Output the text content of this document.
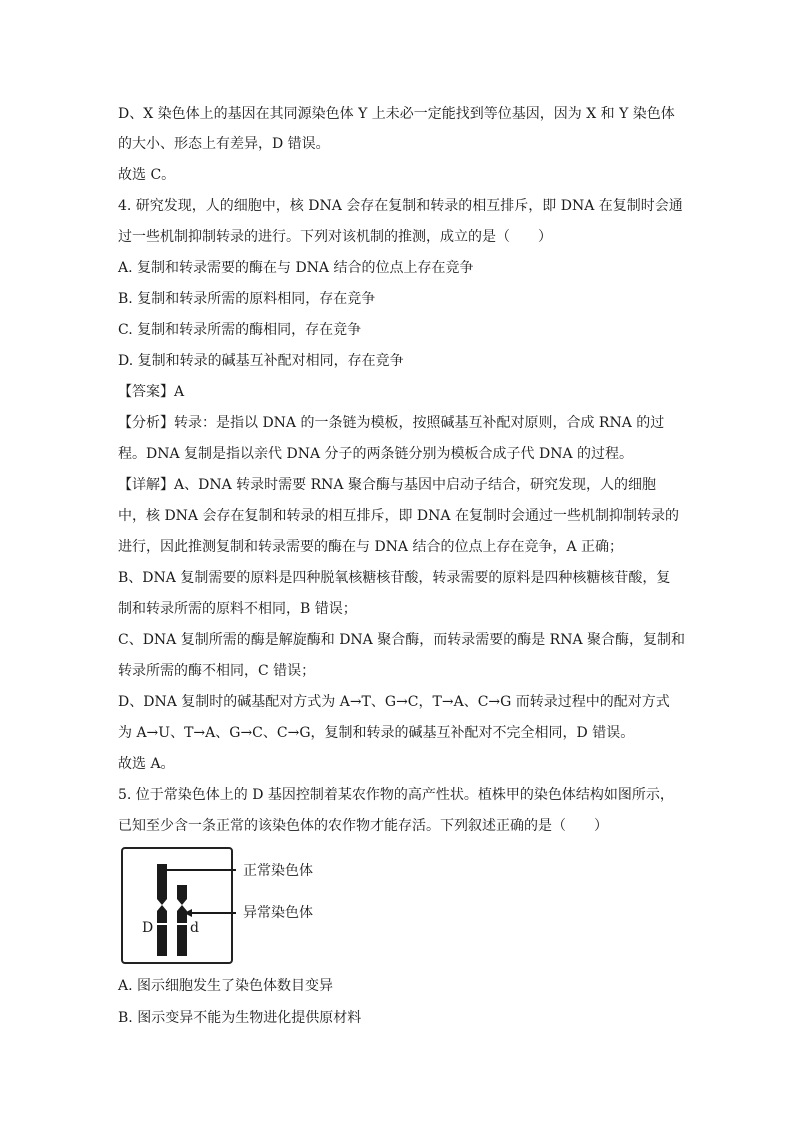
D、X 染色体上的基因在其同源染色体 Y 上未必一定能找到等位基因，因为 X 和 Y 染色体
的大小、形态上有差异，D 错误。
故选 C。
4. 研究发现，人的细胞中，核 DNA 会存在复制和转录的相互排斥，即 DNA 在复制时会通
过一些机制抑制转录的进行。下列对该机制的推测，成立的是（　　）
A. 复制和转录需要的酶在与 DNA 结合的位点上存在竞争
B. 复制和转录所需的原料相同，存在竞争
C. 复制和转录所需的酶相同，存在竞争
D. 复制和转录的碱基互补配对相同，存在竞争
【答案】A
【分析】转录：是指以 DNA 的一条链为模板，按照碱基互补配对原则，合成 RNA 的过
程。DNA 复制是指以亲代 DNA 分子的两条链分别为模板合成子代 DNA 的过程。
【详解】A、DNA 转录时需要 RNA 聚合酶与基因中启动子结合，研究发现，人的细胞
中，核 DNA 会存在复制和转录的相互排斥，即 DNA 在复制时会通过一些机制抑制转录的
进行，因此推测复制和转录需要的酶在与 DNA 结合的位点上存在竞争，A 正确；
B、DNA 复制需要的原料是四种脱氧核糖核苷酸，转录需要的原料是四种核糖核苷酸，复
制和转录所需的原料不相同，B 错误；
C、DNA 复制所需的酶是解旋酶和 DNA 聚合酶，而转录需要的酶是 RNA 聚合酶，复制和
转录所需的酶不相同，C 错误；
D、DNA 复制时的碱基配对方式为 A→T、G→C，T→A、C→G 而转录过程中的配对方式
为 A→U、T→A、G→C、C→G，复制和转录的碱基互补配对不完全相同，D 错误。
故选 A。
5. 位于常染色体上的 D 基因控制着某农作物的高产性状。植株甲的染色体结构如图所示，
已知至少含一条正常的该染色体的农作物才能存活。下列叙述正确的是（　　）
正常染色体
异常染色体
D	d
A. 图示细胞发生了染色体数目变异
B. 图示变异不能为生物进化提供原材料
